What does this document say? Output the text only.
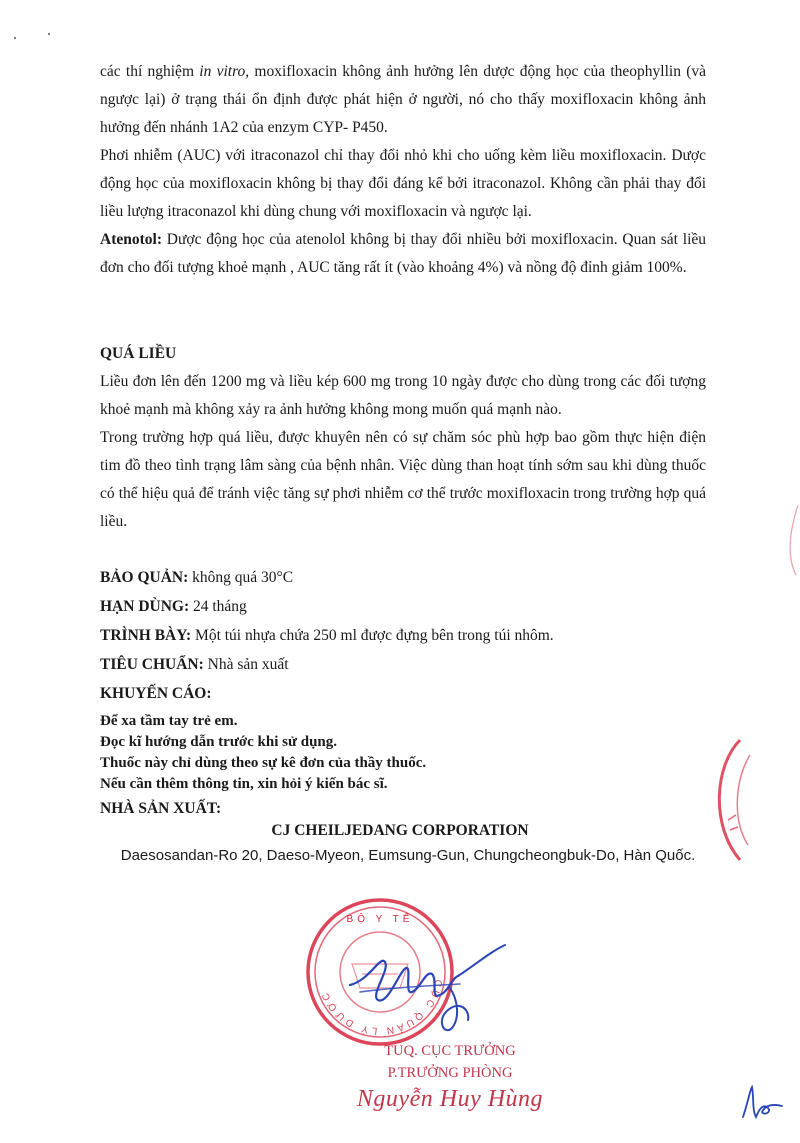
các thí nghiệm in vitro, moxifloxacin không ảnh hưởng lên dược động học của theophyllin (và ngược lại) ở trạng thái ổn định được phát hiện ở người, nó cho thấy moxifloxacin không ảnh hưởng đến nhánh 1A2 của enzym CYP- P450.

Phơi nhiễm (AUC) với itraconazol chỉ thay đổi nhỏ khi cho uống kèm liều moxifloxacin. Dược động học của moxifloxacin không bị thay đổi đáng kể bởi itraconazol. Không cần phải thay đổi liều lượng itraconazol khi dùng chung với moxifloxacin và ngược lại.

Atenotol: Dược động học của atenolol không bị thay đổi nhiều bởi moxifloxacin. Quan sát liều đơn cho đối tượng khoẻ mạnh , AUC tăng rất ít (vào khoảng 4%) và nồng độ đỉnh giảm 100%.

QUÁ LIỀU

Liều đơn lên đến 1200 mg và liều kép 600 mg trong 10 ngày được cho dùng trong các đối tượng khoẻ mạnh mà không xảy ra ảnh hưởng không mong muốn quá mạnh nào.

Trong trường hợp quá liều, được khuyên nên có sự chăm sóc phù hợp bao gồm thực hiện điện tim đồ theo tình trạng lâm sàng của bệnh nhân. Việc dùng than hoạt tính sớm sau khi dùng thuốc có thể hiệu quả để tránh việc tăng sự phơi nhiễm cơ thể trước moxifloxacin trong trường hợp quá liều.

BẢO QUẢN: không quá 30°C

HẠN DÙNG: 24 tháng

TRÌNH BÀY: Một túi nhựa chứa 250 ml được đựng bên trong túi nhôm.

TIÊU CHUẨN: Nhà sản xuất

KHUYẾN CÁO:

Để xa tầm tay trẻ em.
Đọc kĩ hướng dẫn trước khi sử dụng.
Thuốc này chỉ dùng theo sự kê đơn của thầy thuốc.
Nếu cần thêm thông tin, xin hỏi ý kiến bác sĩ.
NHÀ SẢN XUẤT:
CJ CHEILJEDANG CORPORATION
Daesosandan-Ro 20, Daeso-Myeon, Eumsung-Gun, Chungcheongbuk-Do, Hàn Quốc.
BỘ Y TẾ
CỤC QUẢN LÝ DƯỢC
TUQ. CỤC TRƯỞNG
P.TRƯỞNG PHÒNG
Nguyễn Huy Hùng
